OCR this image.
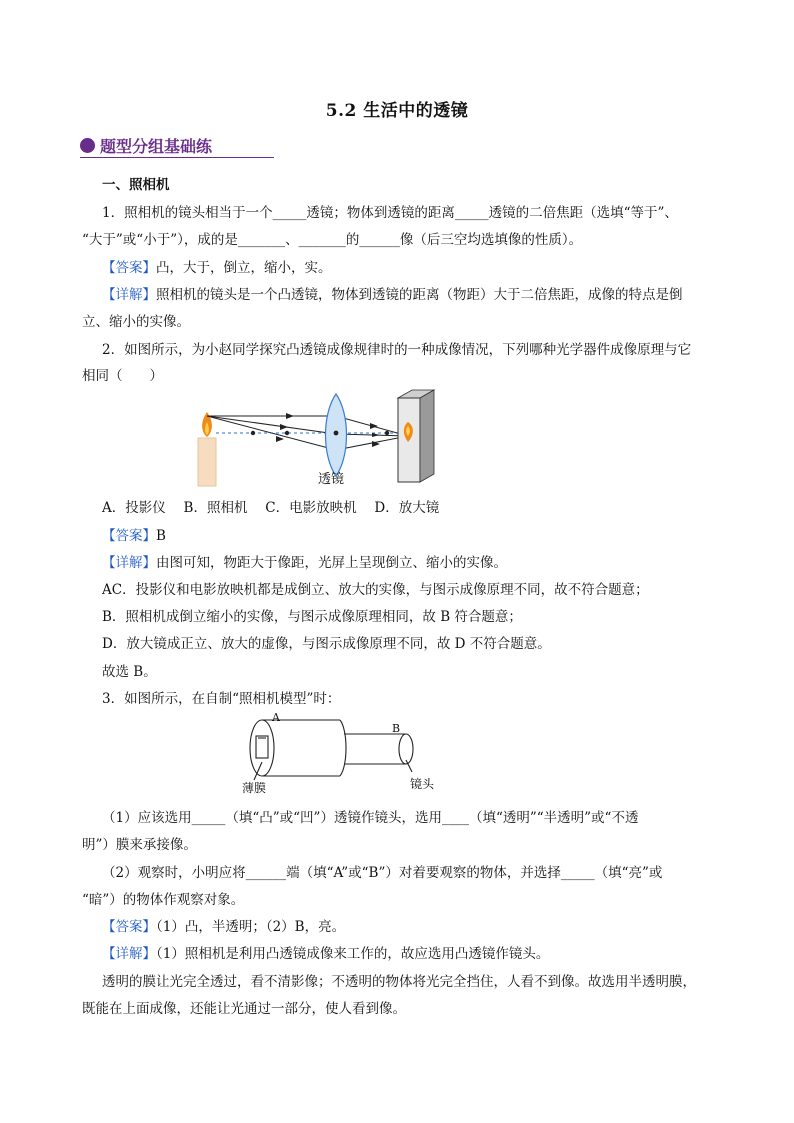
5.2 生活中的透镜
题型分组基础练
一、照相机
1．照相机的镜头相当于一个_____透镜；物体到透镜的距离_____透镜的二倍焦距（选填“等于”、
“大于”或“小于”），成的是_______、_______的______像（后三空均选填像的性质）。
【答案】凸，大于，倒立，缩小，实。
【详解】照相机的镜头是一个凸透镜，物体到透镜的距离（物距）大于二倍焦距，成像的特点是倒
立、缩小的实像。
2．如图所示，为小赵同学探究凸透镜成像规律时的一种成像情况，下列哪种光学器件成像原理与它
相同（　　）
透镜
A．投影仪　 B．照相机　 C．电影放映机　 D．放大镜
【答案】B
【详解】由图可知，物距大于像距，光屏上呈现倒立、缩小的实像。
AC．投影仪和电影放映机都是成倒立、放大的实像，与图示成像原理不同，故不符合题意；
B．照相机成倒立缩小的实像，与图示成像原理相同，故 B 符合题意；
D．放大镜成正立、放大的虚像，与图示成像原理不同，故 D 不符合题意。
故选 B。
3．如图所示，在自制“照相机模型”时：
A
B
薄膜	镜头
（1）应该选用_____（填“凸”或“凹”）透镜作镜头，选用____（填“透明”“半透明”或“不透
明”）膜来承接像。
（2）观察时，小明应将______端（填“A”或“B”）对着要观察的物体，并选择_____（填“亮”或
“暗”）的物体作观察对象。
【答案】（1）凸，半透明；（2）B，亮。
【详解】（1）照相机是利用凸透镜成像来工作的，故应选用凸透镜作镜头。
透明的膜让光完全透过，看不清影像；不透明的物体将光完全挡住，人看不到像。故选用半透明膜，
既能在上面成像，还能让光通过一部分，使人看到像。
